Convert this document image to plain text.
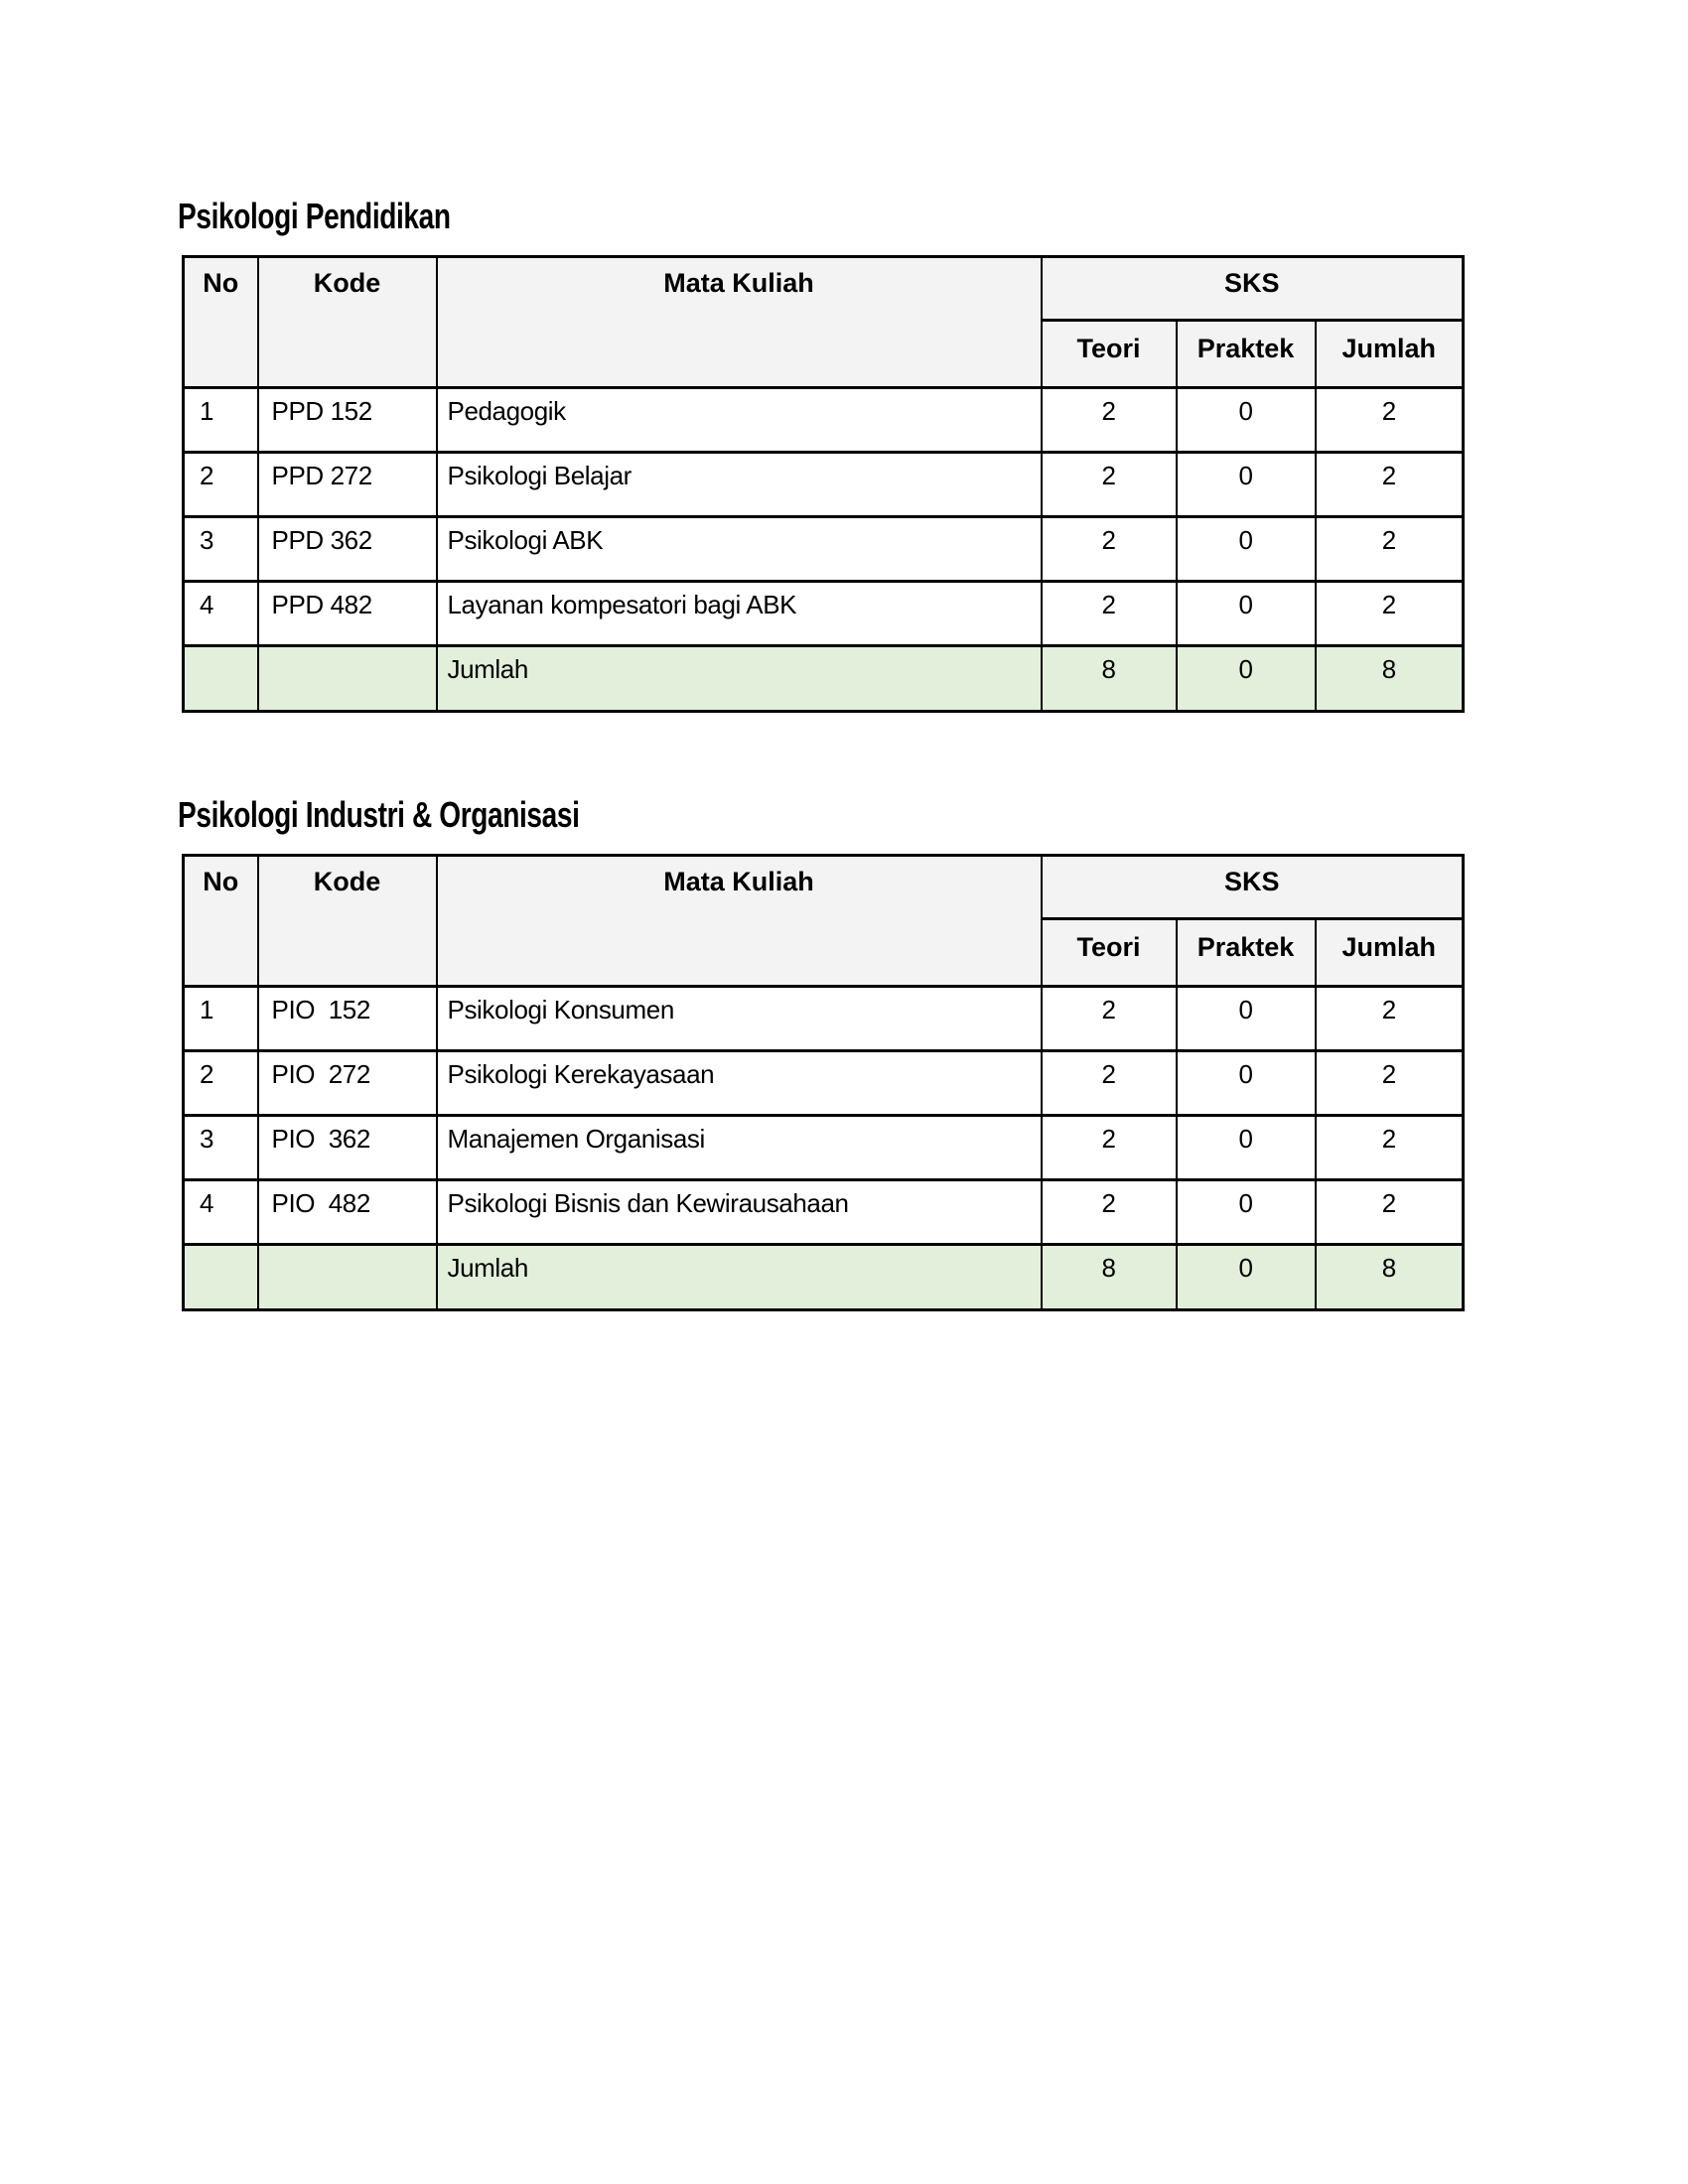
Psikologi Pendidikan
No	Kode	Mata Kuliah	SKS		
			Teori	Praktek	Jumlah
1	PPD 152	Pedagogik	2	0	2
2	PPD 272	Psikologi Belajar	2	0	2
3	PPD 362	Psikologi ABK	2	0	2
4	PPD 482	Layanan kompesatori bagi ABK	2	0	2
		Jumlah	8	0	8
Psikologi Industri & Organisasi
No	Kode	Mata Kuliah	SKS		
			Teori	Praktek	Jumlah
1	PIO  152	Psikologi Konsumen	2	0	2
2	PIO  272	Psikologi Kerekayasaan	2	0	2
3	PIO  362	Manajemen Organisasi	2	0	2
4	PIO  482	Psikologi Bisnis dan Kewirausahaan	2	0	2
		Jumlah	8	0	8
